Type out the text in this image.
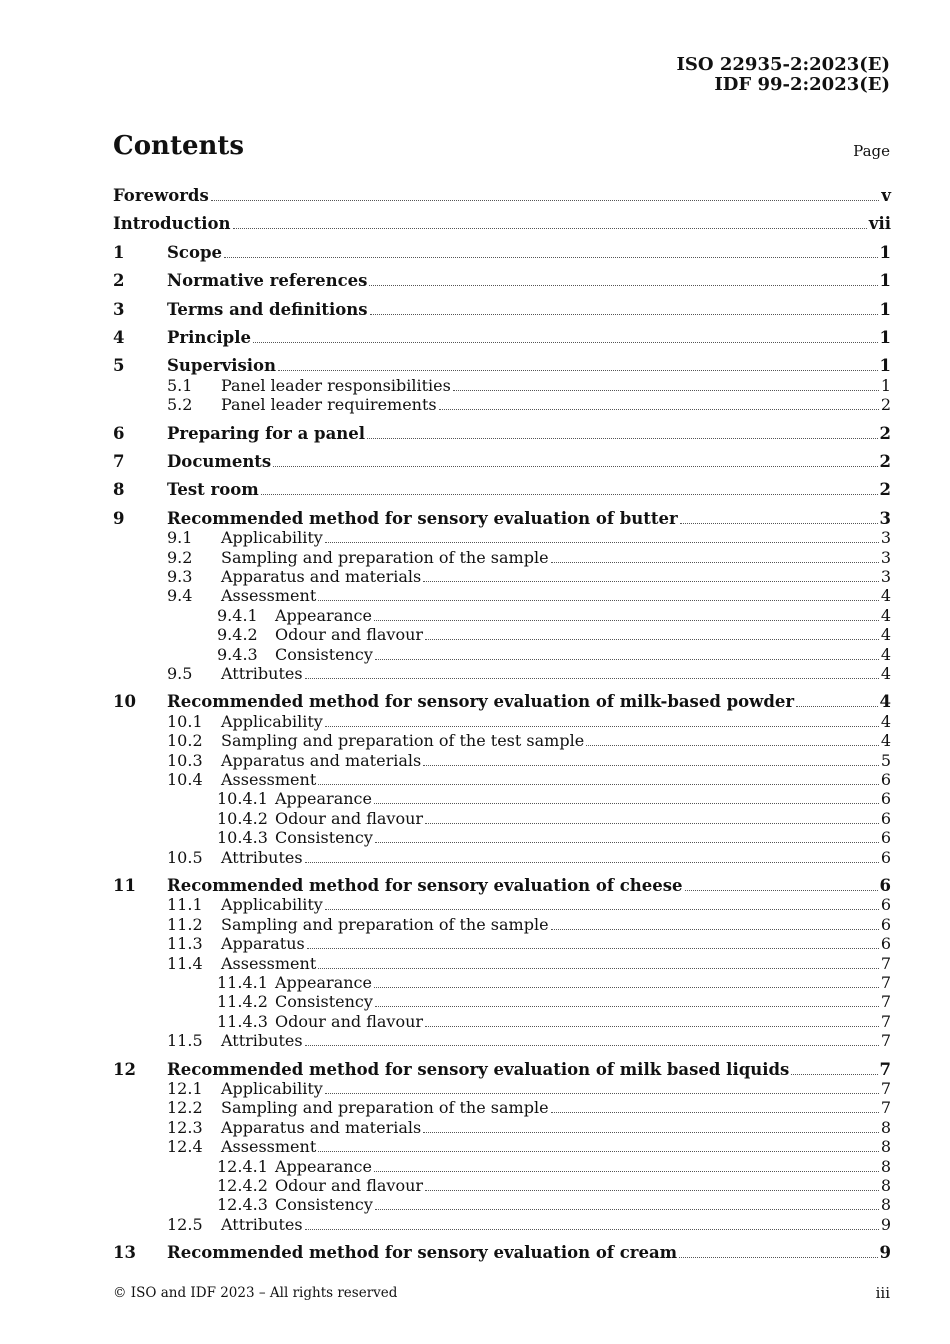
ISO 22935-2:2023(E)
IDF 99-2:2023(E)
Contents	Page
Forewords	v
Introduction	vii
1	Scope	1
2	Normative references	1
3	Terms and definitions	1
4	Principle	1
5	Supervision	1
5.1 Panel leader responsibilities	1
5.2 Panel leader requirements	2
6	Preparing for a panel	2
7	Documents	2
8	Test room	2
9	Recommended method for sensory evaluation of butter	3
9.1 Applicability	3
9.2 Sampling and preparation of the sample	3
9.3 Apparatus and materials	3
9.4 Assessment	4
9.4.1 Appearance	4
9.4.2 Odour and flavour	4
9.4.3 Consistency	4
9.5 Attributes	4
10 Recommended method for sensory evaluation of milk-based powder	4
10.1 Applicability	4
10.2 Sampling and preparation of the test sample	4
10.3 Apparatus and materials	5
10.4 Assessment	6
10.4.1 Appearance	6
10.4.2 Odour and flavour	6
10.4.3 Consistency	6
10.5 Attributes	6
11 Recommended method for sensory evaluation of cheese	6
11.1 Applicability	6
11.2 Sampling and preparation of the sample	6
11.3 Apparatus	6
11.4 Assessment	7
11.4.1 Appearance	7
11.4.2 Consistency	7
11.4.3 Odour and flavour	7
11.5 Attributes	7
12 Recommended method for sensory evaluation of milk based liquids	7
12.1 Applicability	7
12.2 Sampling and preparation of the sample	7
12.3 Apparatus and materials	8
12.4 Assessment	8
12.4.1 Appearance	8
12.4.2 Odour and flavour	8
12.4.3 Consistency	8
12.5 Attributes	9
13 Recommended method for sensory evaluation of cream	9
© ISO and IDF 2023 – All rights reserved	iii
